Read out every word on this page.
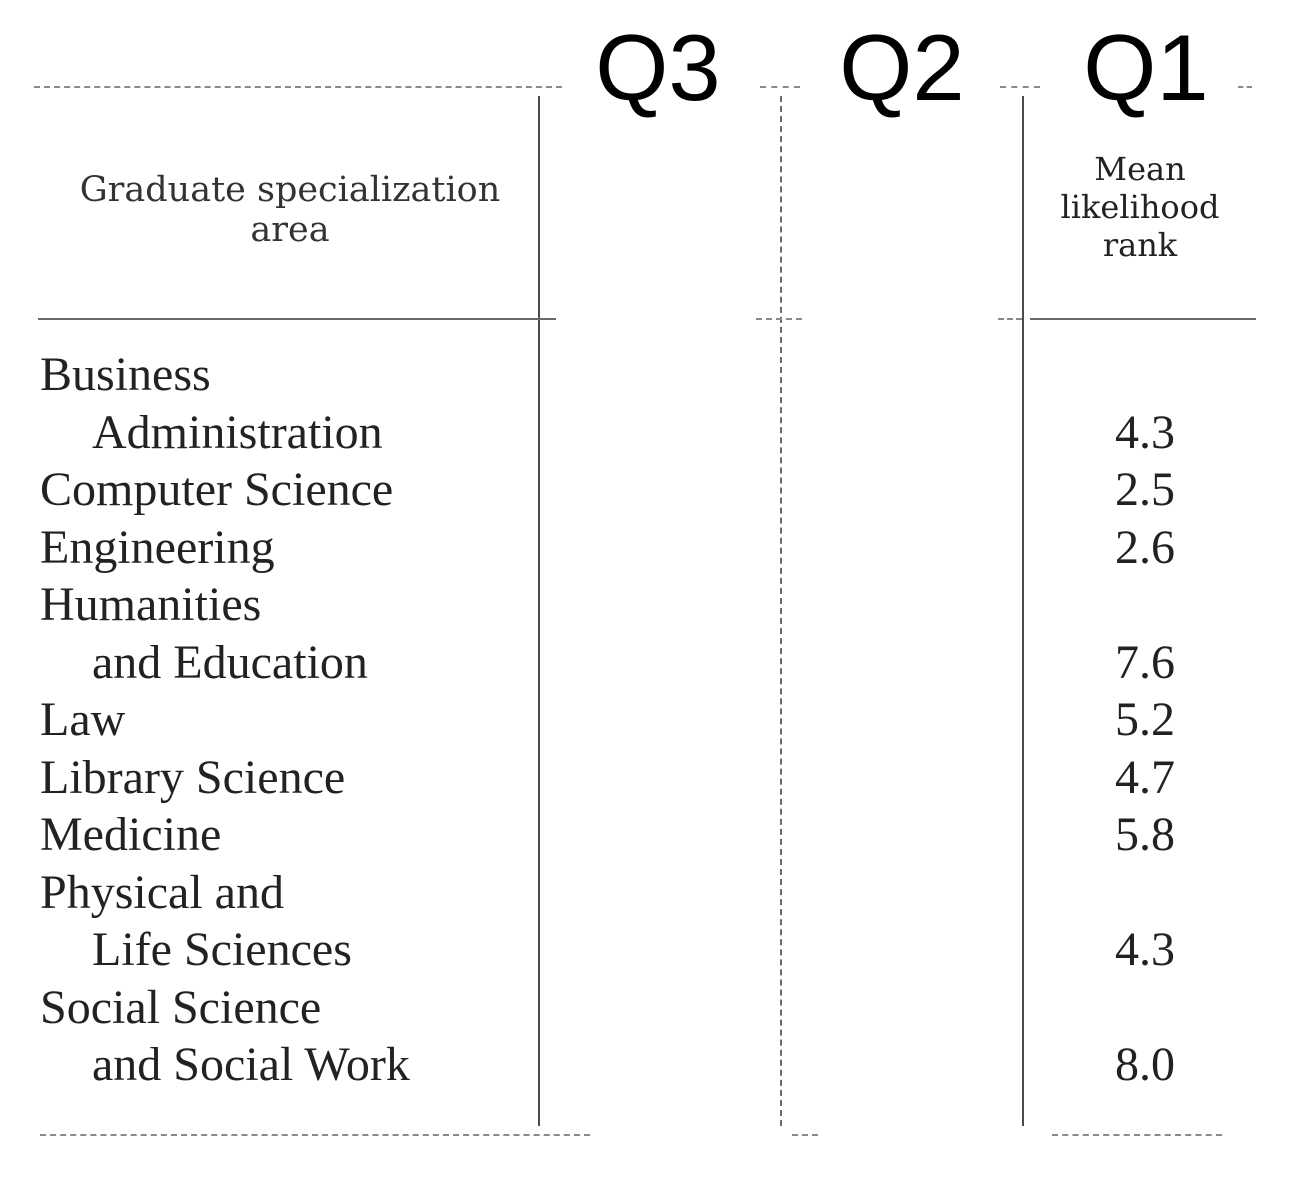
Q3 Q2 Q1
Graduate specialization area
Mean likelihood rank
Business
Administration	4.3
Computer Science	2.5
Engineering	2.6
Humanities
and Education	7.6
Law	5.2
Library Science	4.7
Medicine	5.8
Physical and
Life Sciences	4.3
Social Science
and Social Work	8.0
